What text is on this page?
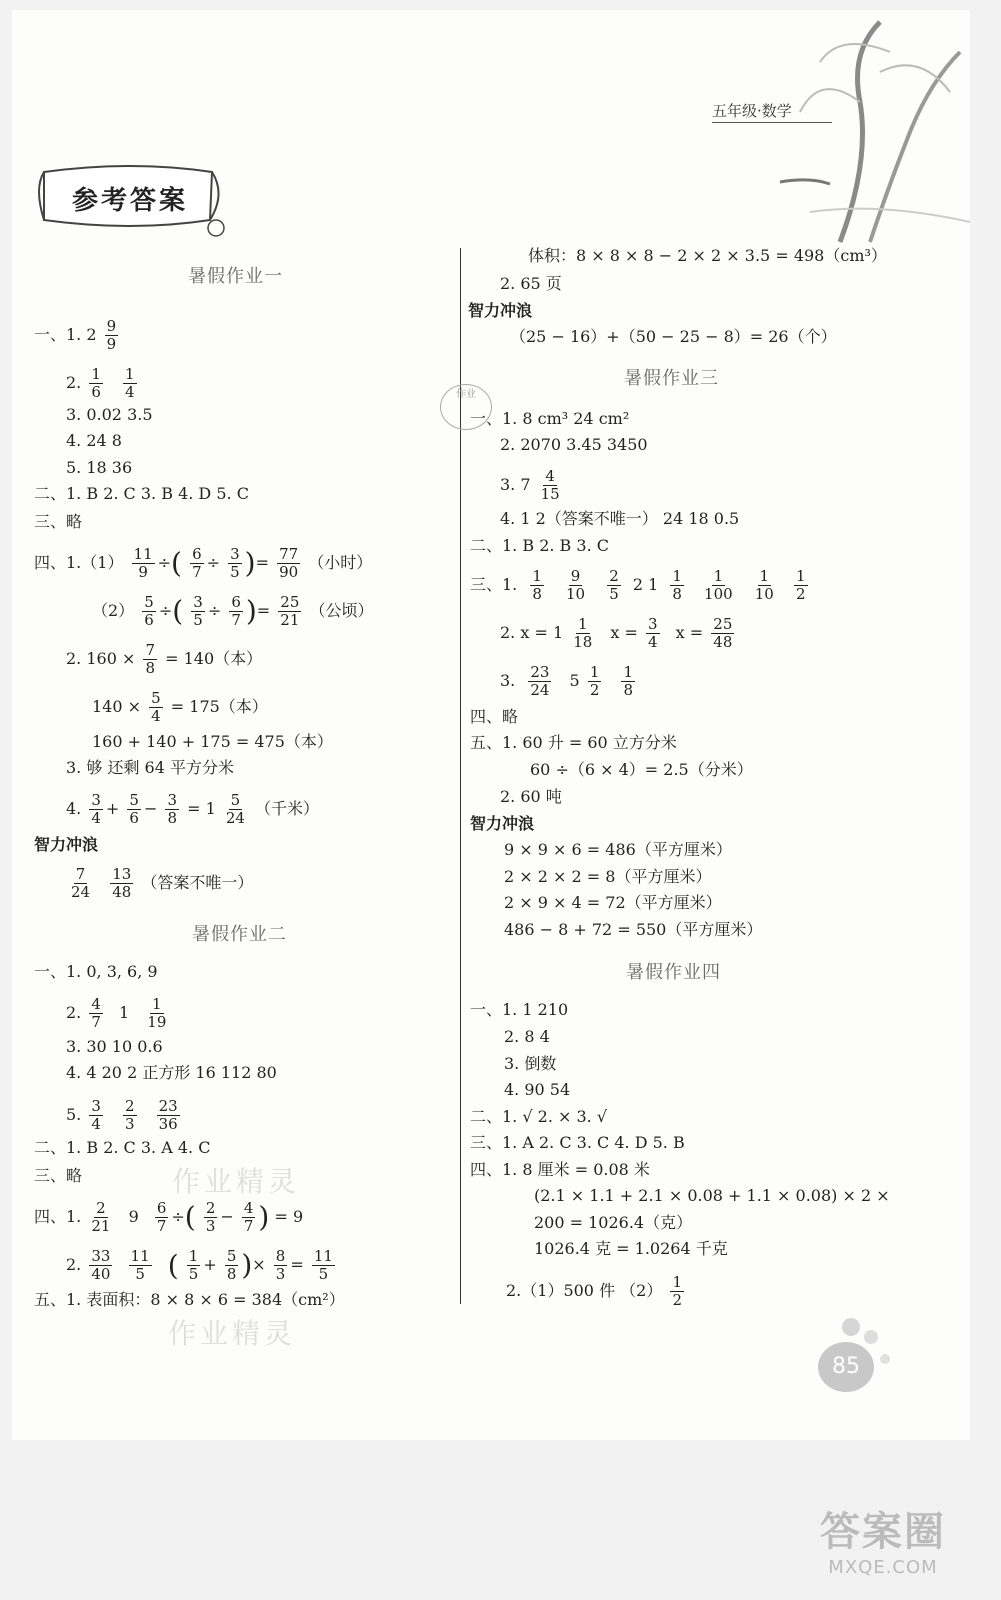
五年级·数学
参考答案
暑假作业一
一、1. $2 \frac{9}{9}$
2. $\frac{1}{6}$
$\frac{1}{4}$
3. 0.02 3.5
4. 24 8
5. 18 36
二、1. B 2. C 3. B 4. D 5. C
三、略
四、$1.(1) \frac{11}{9}$ ÷( $\frac{6}{7} \div \frac{3}{5}$ )= $\frac{77}{90}$ （小时）
$(2) \frac{5}{6}$ ÷( $\frac{3}{5} \div \frac{6}{7}$ )= $\frac{25}{21}$ （公顷）
2. $160 \times \frac{7}{8} = 140$（本）
$140 \times \frac{5}{4} = 175$（本）
160 + 140 + 175 = 475（本）
3. 够 还剩 64 平方分米
4. $\frac{3}{4} + \frac{5}{6} - \frac{3}{8} = 1 \frac{5}{24}$ （千米）
智力冲浪
$\frac{7}{24}$
$\frac{13}{48}$ （答案不唯一）
暑假作业二
一、1. 0, 3, 6, 9
2. $\frac{4}{7} 1 \frac{1}{19}$
3. 30 10 0.6
4. 4 20 2 正方形 16 112 80
5. $\frac{3}{4}$
$\frac{2}{3}$
$\frac{23}{36}$
二、1. B 2. C 3. A 4. C
三、略
四、1. $\frac{2}{21} 9 \frac{6}{7}$ ÷( $\frac{2}{3} - \frac{4}{7}$ ) = 9
2. $\frac{33}{40}$
$\frac{11}{5}$ ( $\frac{1}{5} + \frac{5}{8}$ )× $\frac{8}{3} = \frac{11}{5}$
五、1. 表面积：8 × 8 × 6 = 384（cm²）
作业精灵
作业精灵
体积：8 × 8 × 8 − 2 × 2 × 3.5 = 498（cm³）
2. 65 页
智力冲浪
（25 − 16）+（50 − 25 − 8）= 26（个）
暑假作业三
作业
一、1. 8 cm³ 24 cm²
2. 2070 3.45 3450
3. $7 \frac{4}{15}$
4. 1 2（答案不唯一） 24 18 0.5
二、1. B 2. B 3. C
三、1. $\frac{1}{8}$
$\frac{9}{10}$
$\frac{2}{5} 2$ $1 \frac{1}{8}$
$\frac{1}{100}$
$\frac{1}{10}$
$\frac{1}{2}$
2. $x = 1 \frac{1}{18}$ $x = \frac{3}{4}$ $x = \frac{25}{48}$
3. $\frac{23}{24} 5 \frac{1}{2}$
$\frac{1}{8}$
四、略
五、1. 60 升 = 60 立方分米
60 ÷（6 × 4）= 2.5（分米）
2. 60 吨
智力冲浪
9 × 9 × 6 = 486（平方厘米）
2 × 2 × 2 = 8（平方厘米）
2 × 9 × 4 = 72（平方厘米）
486 − 8 + 72 = 550（平方厘米）
暑假作业四
一、1. 1 210
2. 8 4
3. 倒数
4. 90 54
二、1. √ 2. × 3. √
三、1. A 2. C 3. C 4. D 5. B
四、1. 8 厘米 = 0.08 米
(2.1 × 1.1 + 2.1 × 0.08 + 1.1 × 0.08) × 2 ×
200 = 1026.4（克）
1026.4 克 = 1.0264 千克
2.（1）500 件 $(2) \frac{1}{2}$
85
答案圈
MXQE.COM
